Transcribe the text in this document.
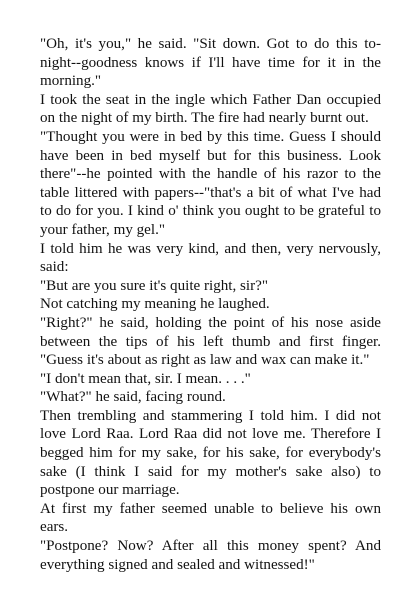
"Oh, it's you," he said. "Sit down. Got to do this to-night--goodness knows if I'll have time for it in the morning."

I took the seat in the ingle which Father Dan occupied on the night of my birth. The fire had nearly burnt out.

"Thought you were in bed by this time. Guess I should have been in bed myself but for this business. Look there"--he pointed with the handle of his razor to the table littered with papers--"that's a bit of what I've had to do for you. I kind o' think you ought to be grateful to your father, my gel."

I told him he was very kind, and then, very nervously, said:

"But are you sure it's quite right, sir?"

Not catching my meaning he laughed.

"Right?" he said, holding the point of his nose aside between the tips of his left thumb and first finger. "Guess it's about as right as law and wax can make it."

"I don't mean that, sir. I mean. . . ."

"What?" he said, facing round.

Then trembling and stammering I told him. I did not love Lord Raa. Lord Raa did not love me. Therefore I begged him for my sake, for his sake, for everybody's sake (I think I said for my mother's sake also) to postpone our marriage.

At first my father seemed unable to believe his own ears.

"Postpone? Now? After all this money spent? And everything signed and sealed and witnessed!"
